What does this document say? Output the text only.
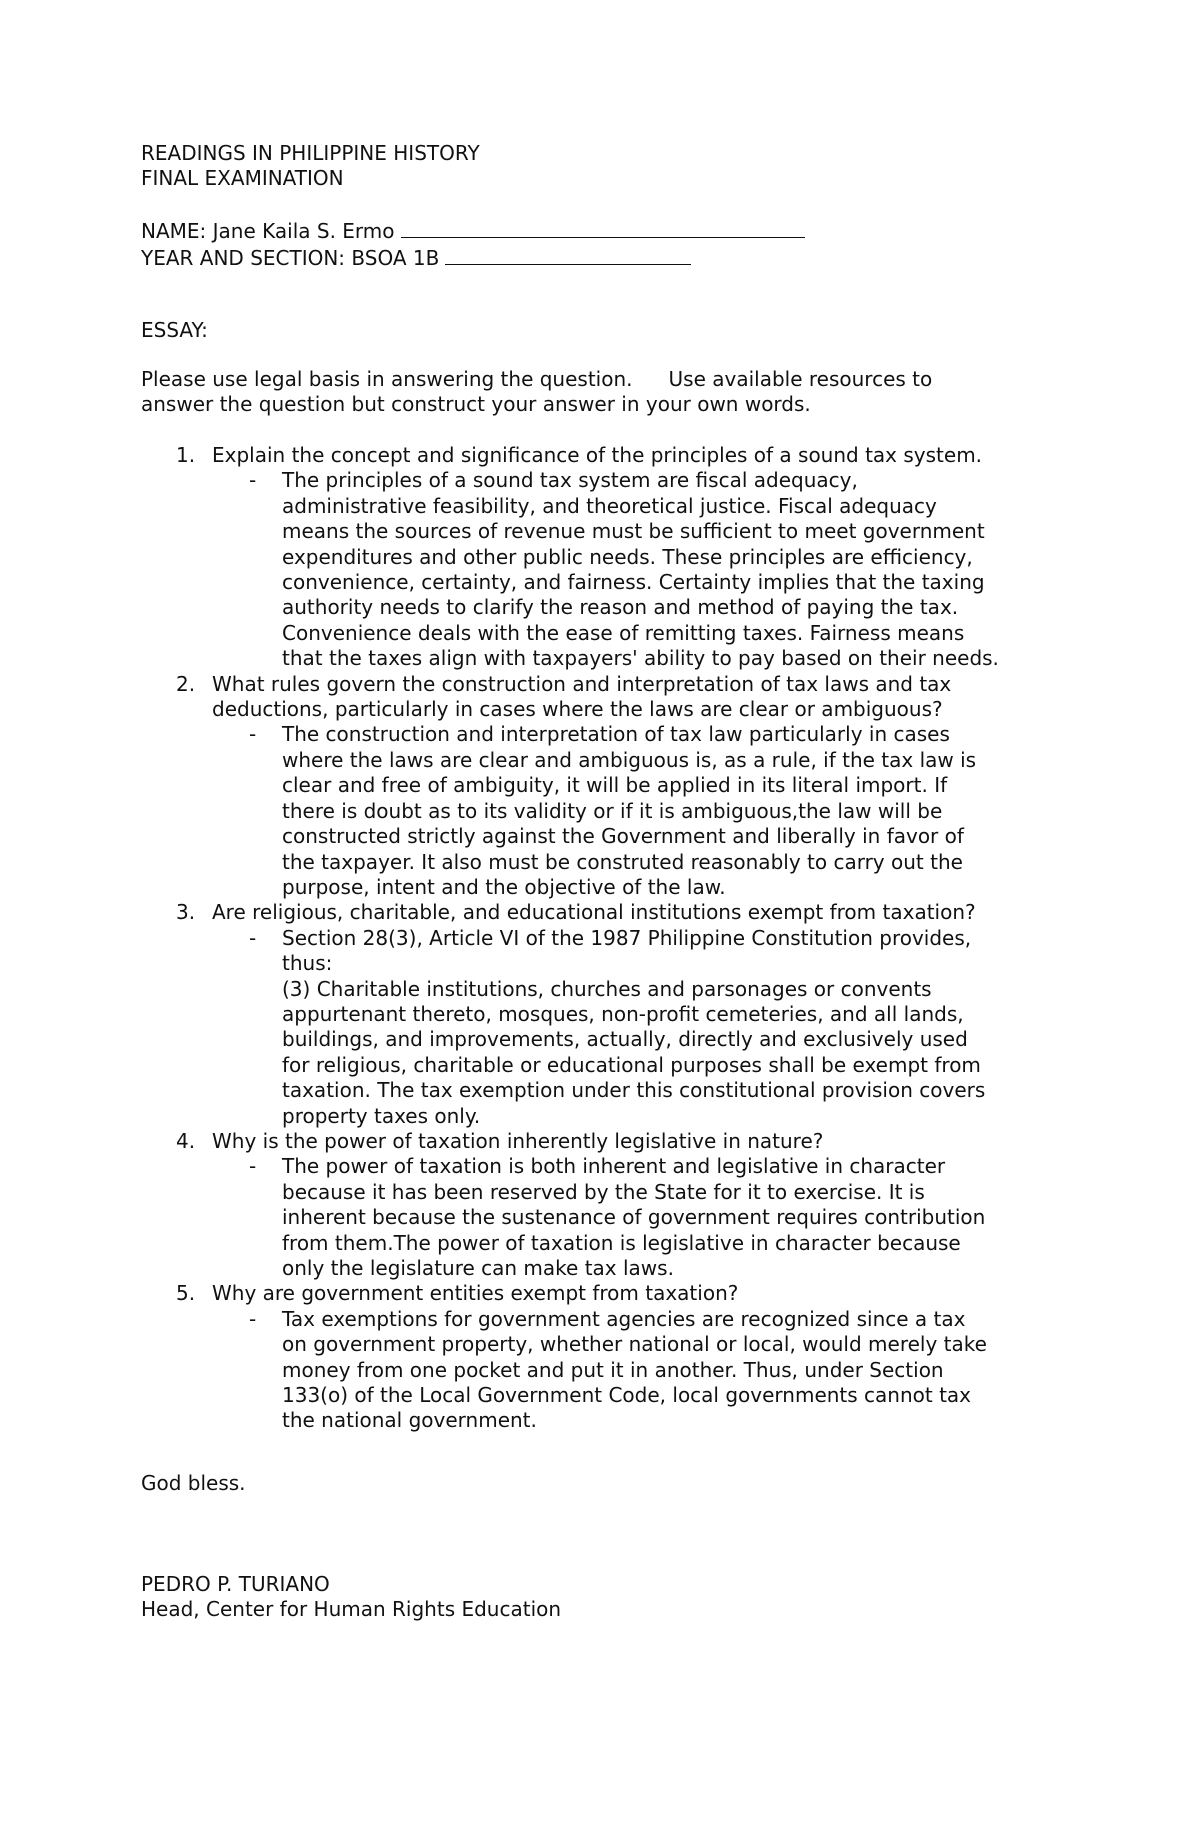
READINGS IN PHILIPPINE HISTORY
FINAL EXAMINATION
NAME: Jane Kaila S. Ermo
YEAR AND SECTION: BSOA 1B
ESSAY:
Please use legal basis in answering the question. Use available resources to
answer the question but construct your answer in your own words.
1. Explain the concept and significance of the principles of a sound tax system.
- The principles of a sound tax system are fiscal adequacy,
administrative feasibility, and theoretical justice. Fiscal adequacy
means the sources of revenue must be sufficient to meet government
expenditures and other public needs. These principles are efficiency,
convenience, certainty, and fairness. Certainty implies that the taxing
authority needs to clarify the reason and method of paying the tax.
Convenience deals with the ease of remitting taxes. Fairness means
that the taxes align with taxpayers' ability to pay based on their needs.
2. What rules govern the construction and interpretation of tax laws and tax
deductions, particularly in cases where the laws are clear or ambiguous?
- The construction and interpretation of tax law particularly in cases
where the laws are clear and ambiguous is, as a rule, if the tax law is
clear and free of ambiguity, it will be applied in its literal import. If
there is doubt as to its validity or if it is ambiguous,the law will be
constructed strictly against the Government and liberally in favor of
the taxpayer. It also must be construted reasonably to carry out the
purpose, intent and the objective of the law.
3. Are religious, charitable, and educational institutions exempt from taxation?
- Section 28(3), Article VI of the 1987 Philippine Constitution provides,
thus:
(3) Charitable institutions, churches and parsonages or convents
appurtenant thereto, mosques, non-profit cemeteries, and all lands,
buildings, and improvements, actually, directly and exclusively used
for religious, charitable or educational purposes shall be exempt from
taxation. The tax exemption under this constitutional provision covers
property taxes only.
4. Why is the power of taxation inherently legislative in nature?
- The power of taxation is both inherent and legislative in character
because it has been reserved by the State for it to exercise. It is
inherent because the sustenance of government requires contribution
from them.The power of taxation is legislative in character because
only the legislature can make tax laws.
5. Why are government entities exempt from taxation?
- Tax exemptions for government agencies are recognized since a tax
on government property, whether national or local, would merely take
money from one pocket and put it in another. Thus, under Section
133(o) of the Local Government Code, local governments cannot tax
the national government.
God bless.
PEDRO P. TURIANO
Head, Center for Human Rights Education
